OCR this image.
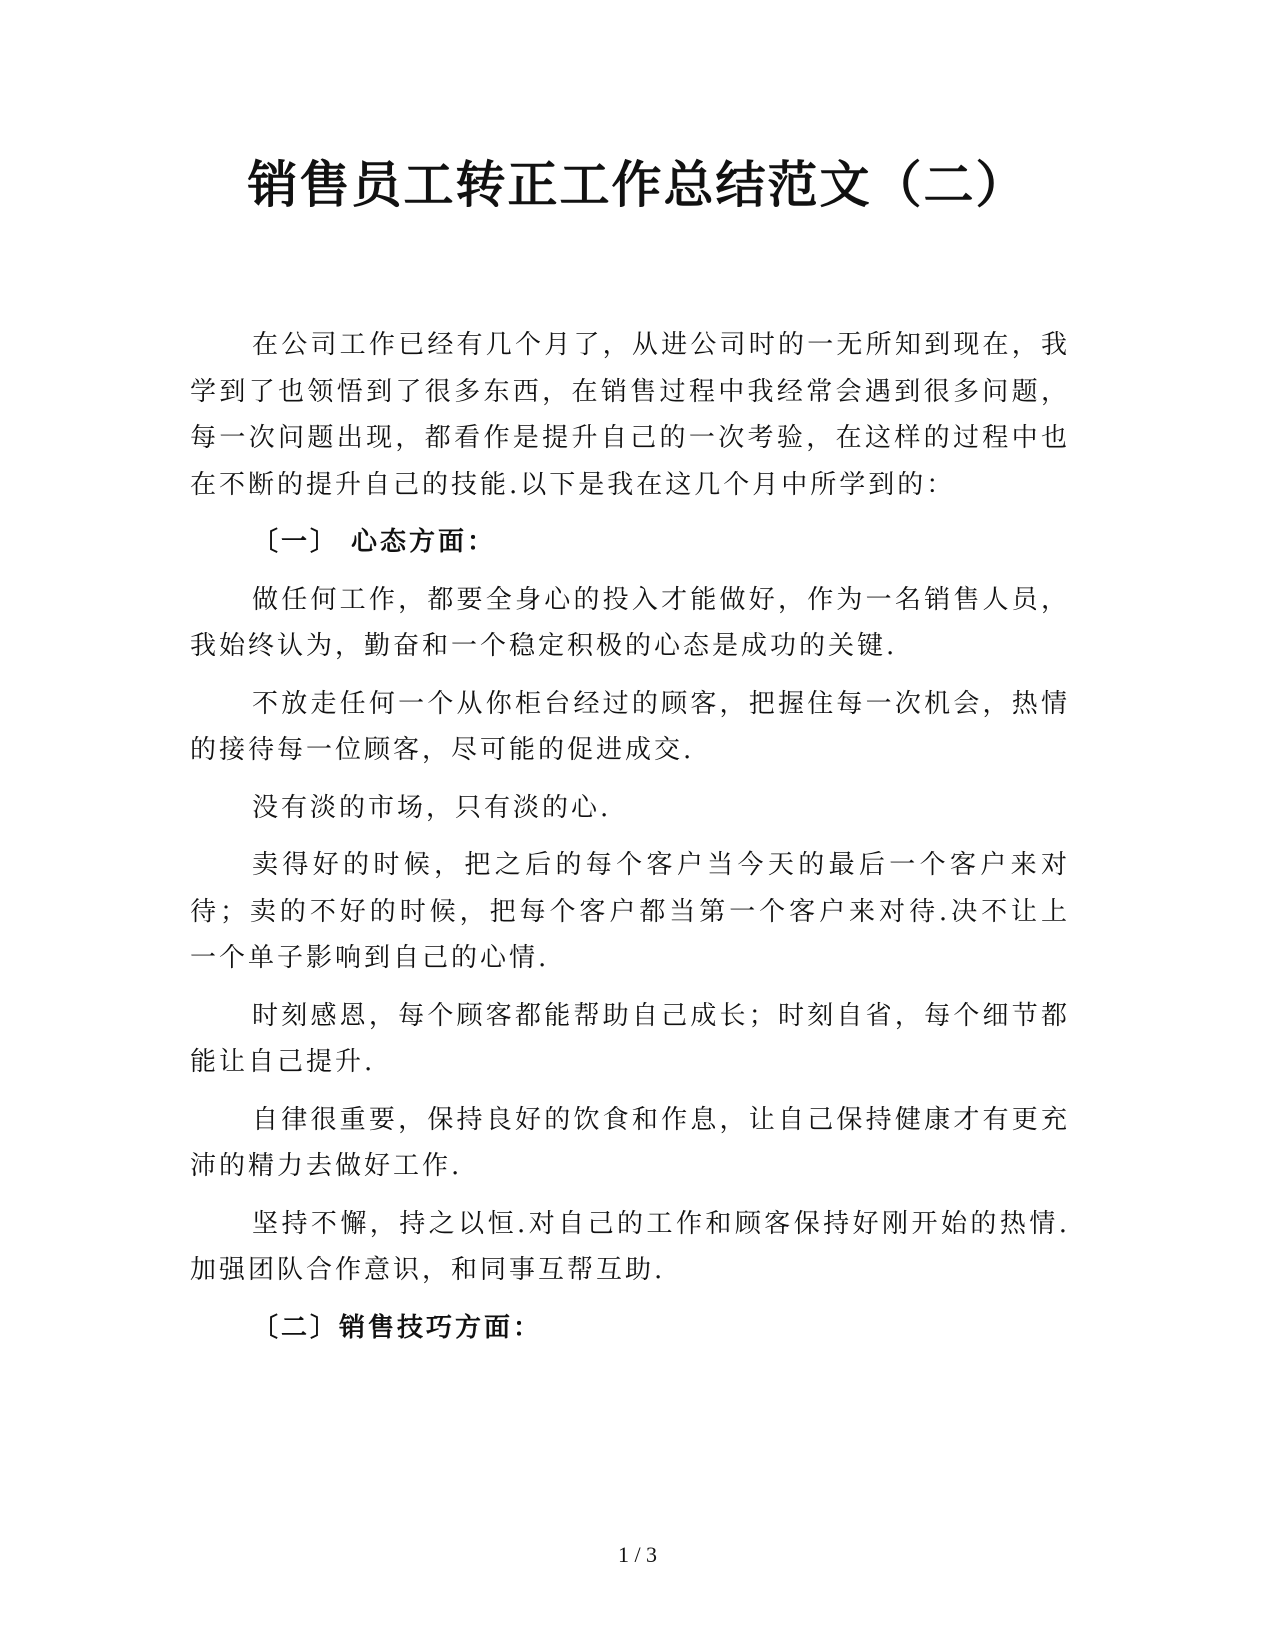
销售员工转正工作总结范文（二）

在公司工作已经有几个月了，从进公司时的一无所知到现在，我学到了也领悟到了很多东西，在销售过程中我经常会遇到很多问题，每一次问题出现，都看作是提升自己的一次考验，在这样的过程中也在不断的提升自己的技能.以下是我在这几个月中所学到的：

〔一〕 心态方面：

做任何工作，都要全身心的投入才能做好，作为一名销售人员，我始终认为，勤奋和一个稳定积极的心态是成功的关键.

不放走任何一个从你柜台经过的顾客，把握住每一次机会，热情的接待每一位顾客，尽可能的促进成交.

没有淡的市场，只有淡的心.

卖得好的时候，把之后的每个客户当今天的最后一个客户来对待；卖的不好的时候，把每个客户都当第一个客户来对待.决不让上一个单子影响到自己的心情.

时刻感恩，每个顾客都能帮助自己成长；时刻自省，每个细节都能让自己提升.

自律很重要，保持良好的饮食和作息，让自己保持健康才有更充沛的精力去做好工作.

坚持不懈，持之以恒.对自己的工作和顾客保持好刚开始的热情.加强团队合作意识，和同事互帮互助.

〔二〕销售技巧方面：

1 / 3
